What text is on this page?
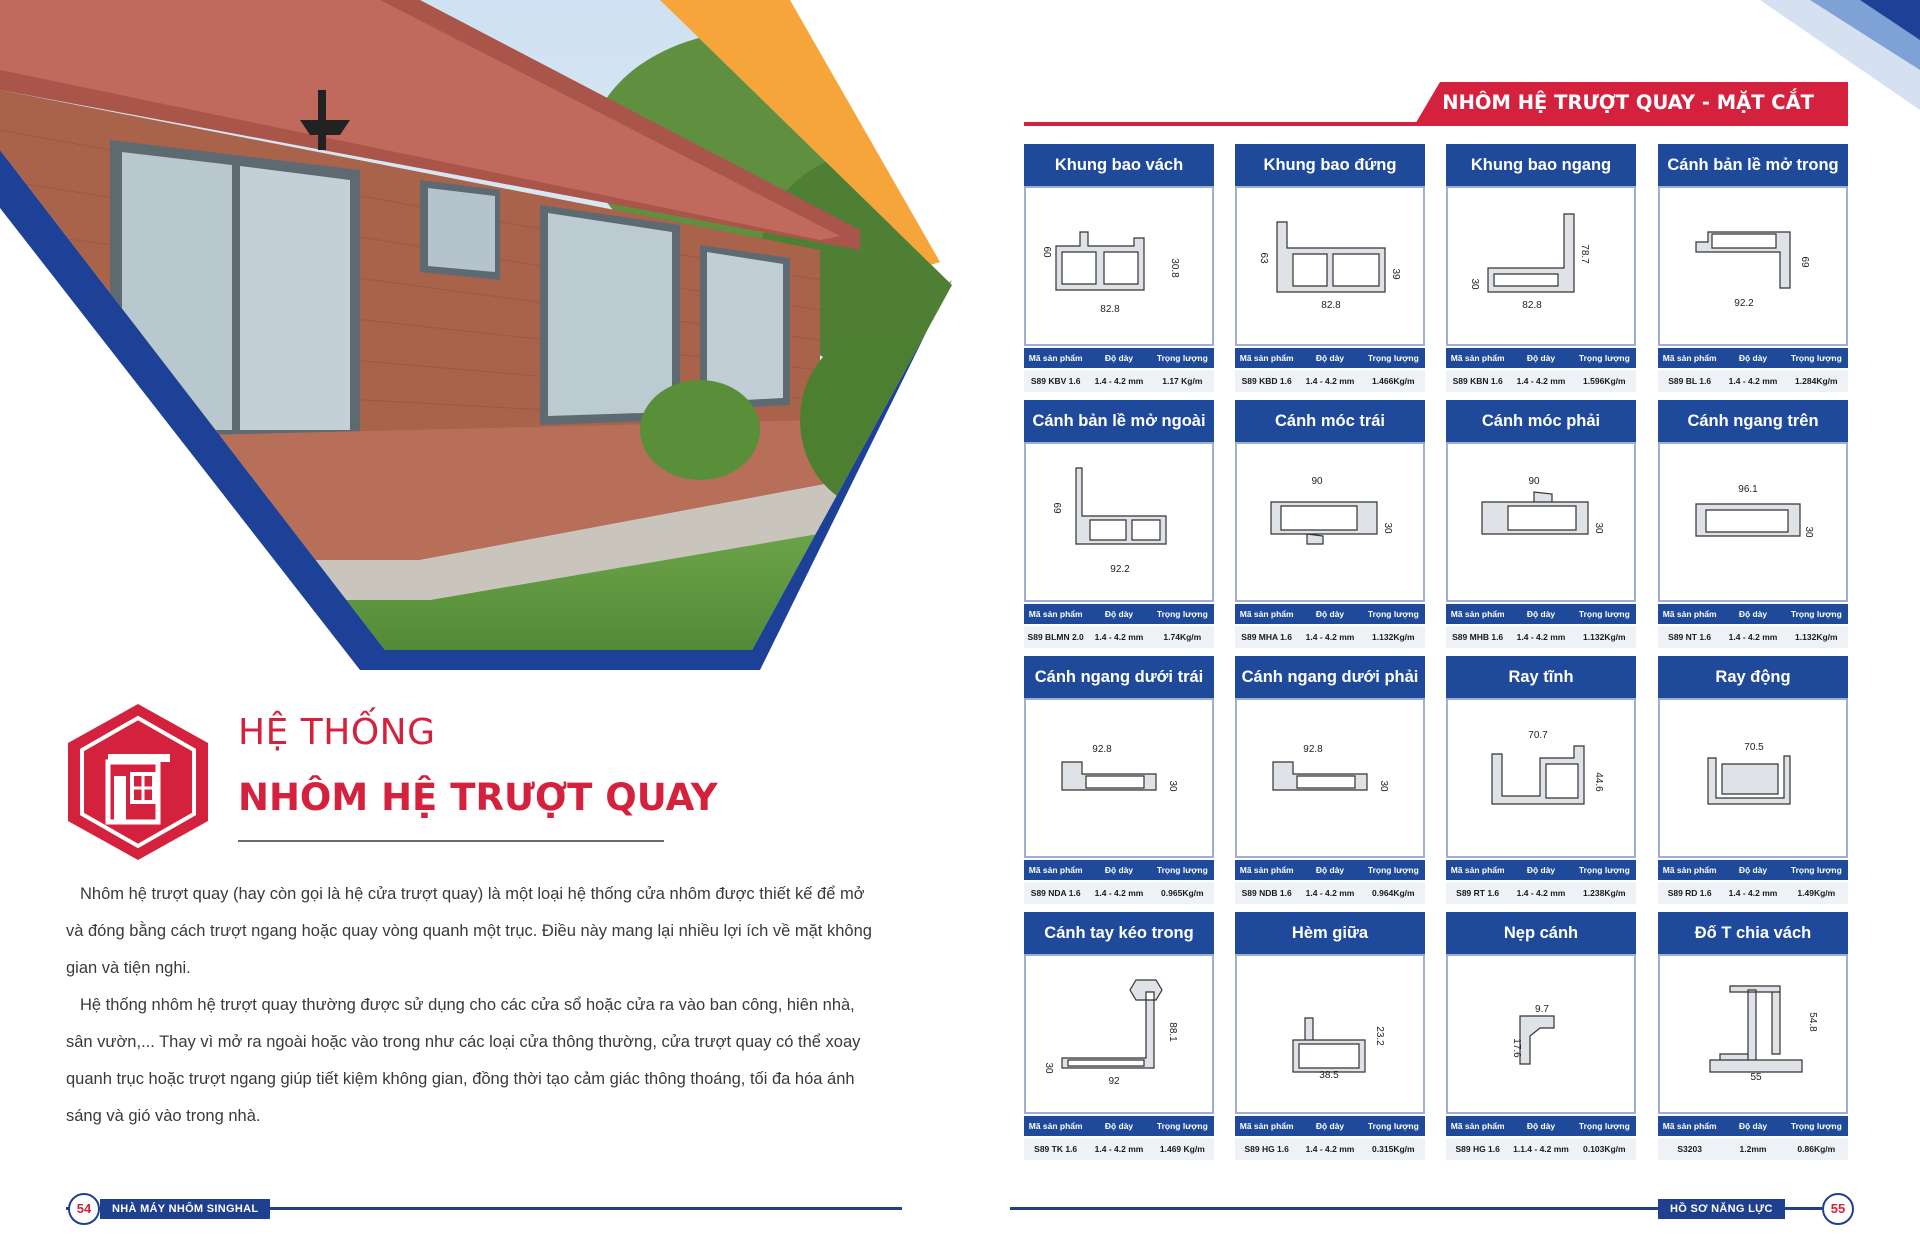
HỆ THỐNG
NHÔM HỆ TRƯỢT QUAY

Nhôm hệ trượt quay (hay còn gọi là hệ cửa trượt quay) là một loại hệ thống cửa nhôm được thiết kế để mở và đóng bằng cách trượt ngang hoặc quay vòng quanh một trục. Điều này mang lại nhiều lợi ích về mặt không gian và tiện nghi.

Hệ thống nhôm hệ trượt quay thường được sử dụng cho các cửa sổ hoặc cửa ra vào ban công, hiên nhà, sân vườn,... Thay vì mở ra ngoài hoặc vào trong như các loại cửa thông thường, cửa trượt quay có thể xoay quanh trục hoặc trượt ngang giúp tiết kiệm không gian, đồng thời tạo cảm giác thông thoáng, tối đa hóa ánh sáng và gió vào trong nhà.

54	NHÀ MÁY NHÔM SINGHAL
NHÔM HỆ TRƯỢT QUAY - MẶT CẮT
Khung bao vách
60
30.8
82.8
Mã sản phẩm	Độ dày	Trọng lượng
S89 KBV 1.6	1.4 - 4.2 mm	1.17 Kg/m
Khung bao đứng
63
39
82.8
Mã sản phẩm	Độ dày	Trọng lượng
S89 KBD 1.6	1.4 - 4.2 mm	1.466Kg/m
Khung bao ngang
30
78.7
82.8
Mã sản phẩm	Độ dày	Trọng lượng
S89 KBN 1.6	1.4 - 4.2 mm	1.596Kg/m
Cánh bản lề mở trong
69
92.2
Mã sản phẩm	Độ dày	Trọng lượng
S89 BL 1.6	1.4 - 4.2 mm	1.284Kg/m
Cánh bản lề mở ngoài
69
92.2
Mã sản phẩm	Độ dày	Trọng lượng
S89 BLMN 2.0	1.4 - 4.2 mm	1.74Kg/m
Cánh móc trái
90
30
Mã sản phẩm	Độ dày	Trọng lượng
S89 MHA 1.6	1.4 - 4.2 mm	1.132Kg/m
Cánh móc phải
90
30
Mã sản phẩm	Độ dày	Trọng lượng
S89 MHB 1.6	1.4 - 4.2 mm	1.132Kg/m
Cánh ngang trên
96.1
30
Mã sản phẩm	Độ dày	Trọng lượng
S89 NT 1.6	1.4 - 4.2 mm	1.132Kg/m
Cánh ngang dưới trái
92.8
30
Mã sản phẩm	Độ dày	Trọng lượng
S89 NDA 1.6	1.4 - 4.2 mm	0.965Kg/m
Cánh ngang dưới phải
92.8
30
Mã sản phẩm	Độ dày	Trọng lượng
S89 NDB 1.6	1.4 - 4.2 mm	0.964Kg/m
Ray tĩnh
70.7
44.6
Mã sản phẩm	Độ dày	Trọng lượng
S89 RT 1.6	1.4 - 4.2 mm	1.238Kg/m
Ray động
70.5
Mã sản phẩm	Độ dày	Trọng lượng
S89 RD 1.6	1.4 - 4.2 mm	1.49Kg/m
Cánh tay kéo trong
30
88.1
92
Mã sản phẩm	Độ dày	Trọng lượng
S89 TK 1.6	1.4 - 4.2 mm	1.469 Kg/m
Hèm giữa
23.2
38.5
Mã sản phẩm	Độ dày	Trọng lượng
S89 HG 1.6	1.4 - 4.2 mm	0.315Kg/m
Nẹp cánh
9.7
17.6
Mã sản phẩm	Độ dày	Trọng lượng
S89 HG 1.6	1.1.4 - 4.2 mm	0.103Kg/m
Đố T chia vách
54.8
55
Mã sản phẩm	Độ dày	Trọng lượng
S3203	1.2mm	0.86Kg/m
HỒ SƠ NĂNG LỰC	55
